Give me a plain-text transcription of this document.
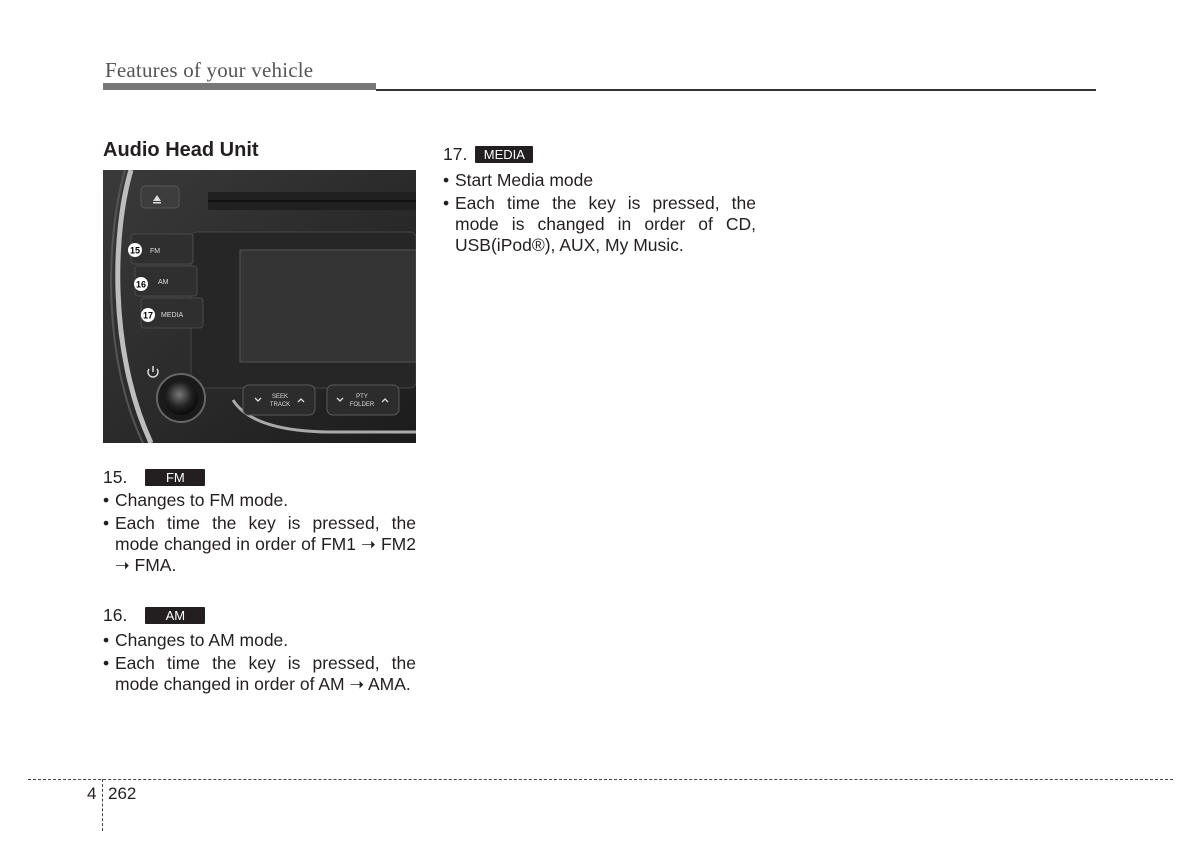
Features of your vehicle
Audio Head Unit
FM
AM
MEDIA
15
16
17
SEEK
TRACK
PTY
FOLDER
15.	FM
• Changes to FM mode.
• Each time the key is pressed, the mode changed in order of FM1 ➝ FM2 ➝ FMA.
16.	AM
• Changes to AM mode.
• Each time the key is pressed, the mode changed in order of AM ➝ AMA.
17. MEDIA
• Start Media mode
• Each time the key is pressed, the mode is changed in order of CD, USB(iPod®), AUX, My Music.
4 262
